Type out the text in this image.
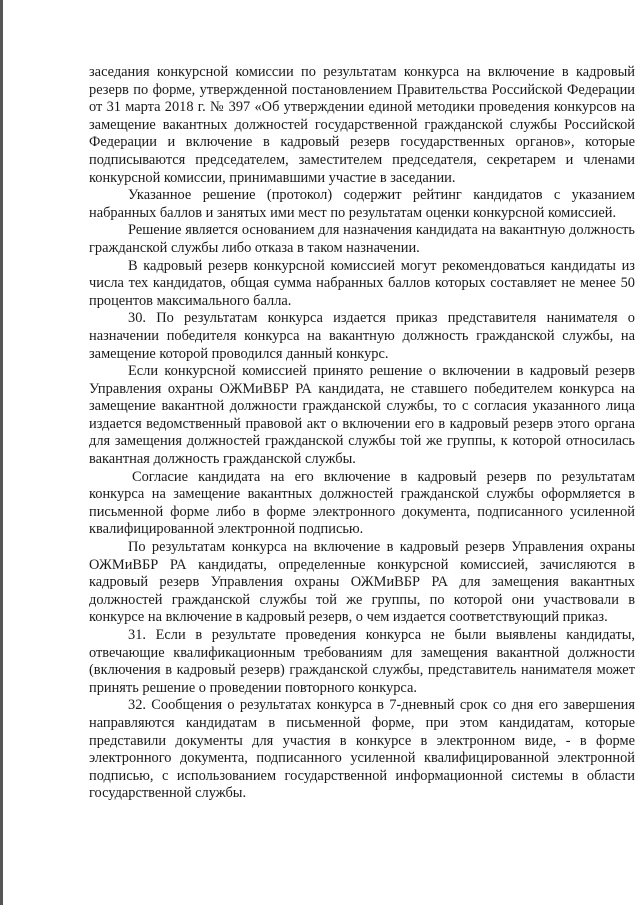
заседания конкурсной комиссии по результатам конкурса на включение в кадровый резерв по форме, утвержденной постановлением Правительства Российской Федерации от 31 марта 2018 г. № 397 «Об утверждении единой методики проведения конкурсов на замещение вакантных должностей государственной гражданской службы Российской Федерации и включение в кадровый резерв государственных органов», которые подписываются председателем, заместителем председателя, секретарем и членами конкурсной комиссии, принимавшими участие в заседании.

Указанное решение (протокол) содержит рейтинг кандидатов с указанием набранных баллов и занятых ими мест по результатам оценки конкурсной комиссией.

Решение является основанием для назначения кандидата на вакантную должность гражданской службы либо отказа в таком назначении.

В кадровый резерв конкурсной комиссией могут рекомендоваться кандидаты из числа тех кандидатов, общая сумма набранных баллов которых составляет не менее 50 процентов максимального балла.

30. По результатам конкурса издается приказ представителя нанимателя о назначении победителя конкурса на вакантную должность гражданской службы, на замещение которой проводился данный конкурс.

Если конкурсной комиссией принято решение о включении в кадровый резерв Управления охраны ОЖМиВБР РА кандидата, не ставшего победителем конкурса на замещение вакантной должности гражданской службы, то с согласия указанного лица издается ведомственный правовой акт о включении его в кадровый резерв этого органа для замещения должностей гражданской службы той же группы, к которой относилась вакантная должность гражданской службы.

Согласие кандидата на его включение в кадровый резерв по результатам конкурса на замещение вакантных должностей гражданской службы оформляется в письменной форме либо в форме электронного документа, подписанного усиленной квалифицированной электронной подписью.

По результатам конкурса на включение в кадровый резерв Управления охраны ОЖМиВБР РА кандидаты, определенные конкурсной комиссией, зачисляются в кадровый резерв Управления охраны ОЖМиВБР РА для замещения вакантных должностей гражданской службы той же группы, по которой они участвовали в конкурсе на включение в кадровый резерв, о чем издается соответствующий приказ.

31. Если в результате проведения конкурса не были выявлены кандидаты, отвечающие квалификационным требованиям для замещения вакантной должности (включения в кадровый резерв) гражданской службы, представитель нанимателя может принять решение о проведении повторного конкурса.

32. Сообщения о результатах конкурса в 7-дневный срок со дня его завершения направляются кандидатам в письменной форме, при этом кандидатам, которые представили документы для участия в конкурсе в электронном виде, - в форме электронного документа, подписанного усиленной квалифицированной электронной подписью, с использованием государственной информационной системы в области государственной службы.
